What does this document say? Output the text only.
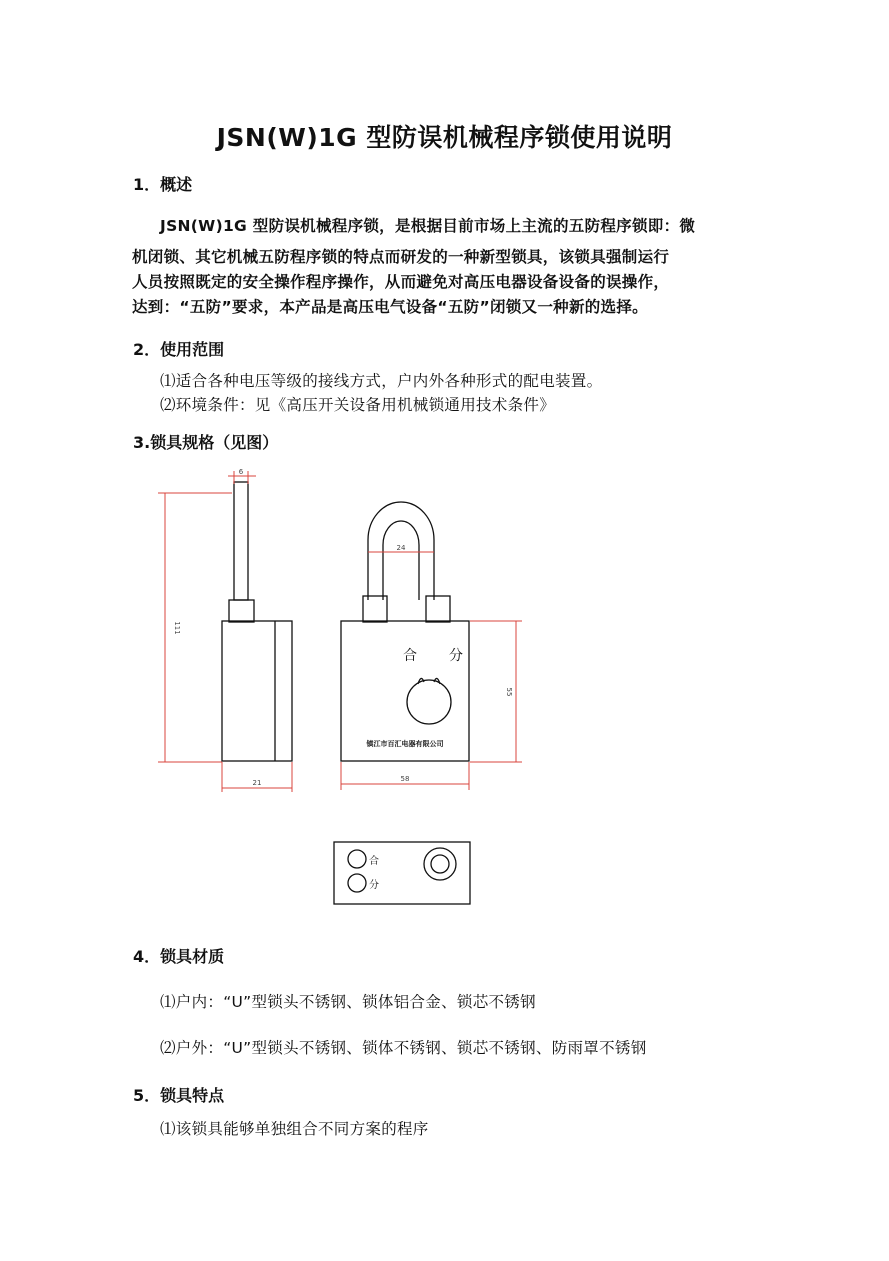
JSN(W)1G 型防误机械程序锁使用说明
1．概述
JSN(W)1G 型防误机械程序锁，是根据目前市场上主流的五防程序锁即：微
机闭锁、其它机械五防程序锁的特点而研发的一种新型锁具，该锁具强制运行
人员按照既定的安全操作程序操作，从而避免对高压电器设备设备的误操作，
达到：“五防”要求，本产品是高压电气设备“五防”闭锁又一种新的选择。
2．使用范围
⑴适合各种电压等级的接线方式，户内外各种形式的配电装置。
⑵环境条件：见《高压开关设备用机械锁通用技术条件》
3.锁具规格（见图）
6
111
21
24
55
58
合 分
镇江市百汇电器有限公司
合
分
4．锁具材质
⑴户内：“U”型锁头不锈钢、锁体铝合金、锁芯不锈钢
⑵户外：“U”型锁头不锈钢、锁体不锈钢、锁芯不锈钢、防雨罩不锈钢
5．锁具特点
⑴该锁具能够单独组合不同方案的程序
